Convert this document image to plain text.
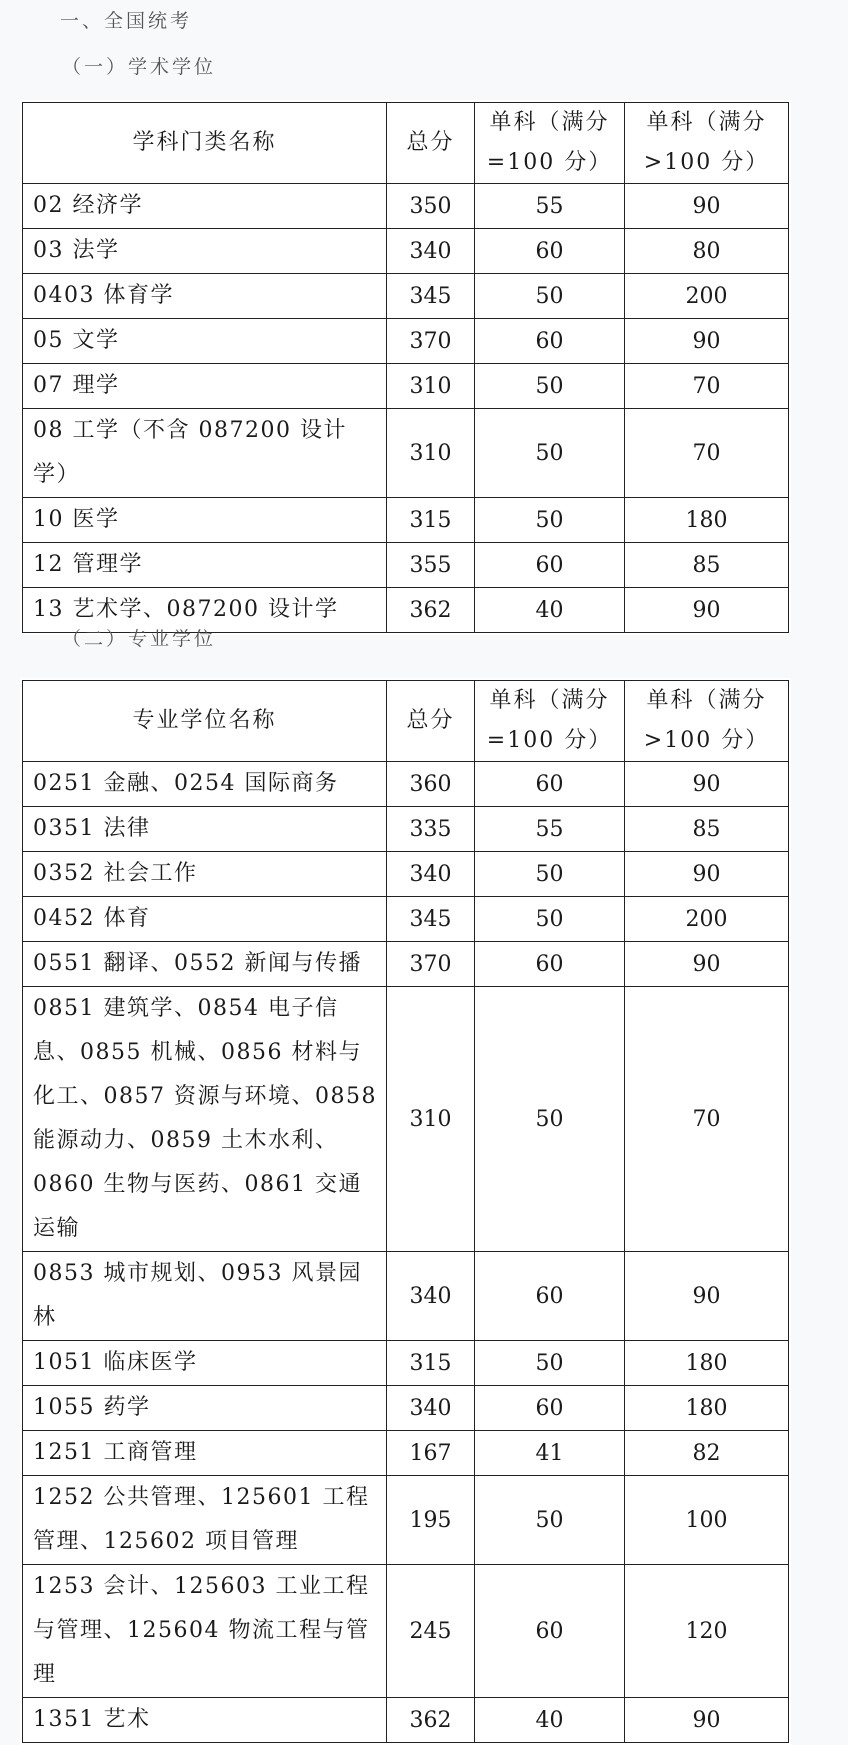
一、全国统考
（一）学术学位
学科门类名称	总分	单科（满分=100 分）	单科（满分>100 分）
02 经济学	350	55	90
03 法学	340	60	80
0403 体育学	345	50	200
05 文学	370	60	90
07 理学	310	50	70
08 工学（不含 087200 设计学）	310	50	70
10 医学	315	50	180
12 管理学	355	60	85
13 艺术学、087200 设计学	362	40	90
（二）专业学位
专业学位名称	总分	单科（满分=100 分）	单科（满分>100 分）
0251 金融、0254 国际商务	360	60	90
0351 法律	335	55	85
0352 社会工作	340	50	90
0452 体育	345	50	200
0551 翻译、0552 新闻与传播	370	60	90
0851 建筑学、0854 电子信息、0855 机械、0856 材料与化工、0857 资源与环境、0858 能源动力、0859 土木水利、0860 生物与医药、0861 交通运输	310	50	70
0853 城市规划、0953 风景园林	340	60	90
1051 临床医学	315	50	180
1055 药学	340	60	180
1251 工商管理	167	41	82
1252 公共管理、125601 工程管理、125602 项目管理	195	50	100
1253 会计、125603 工业工程与管理、125604 物流工程与管理	245	60	120
1351 艺术	362	40	90
